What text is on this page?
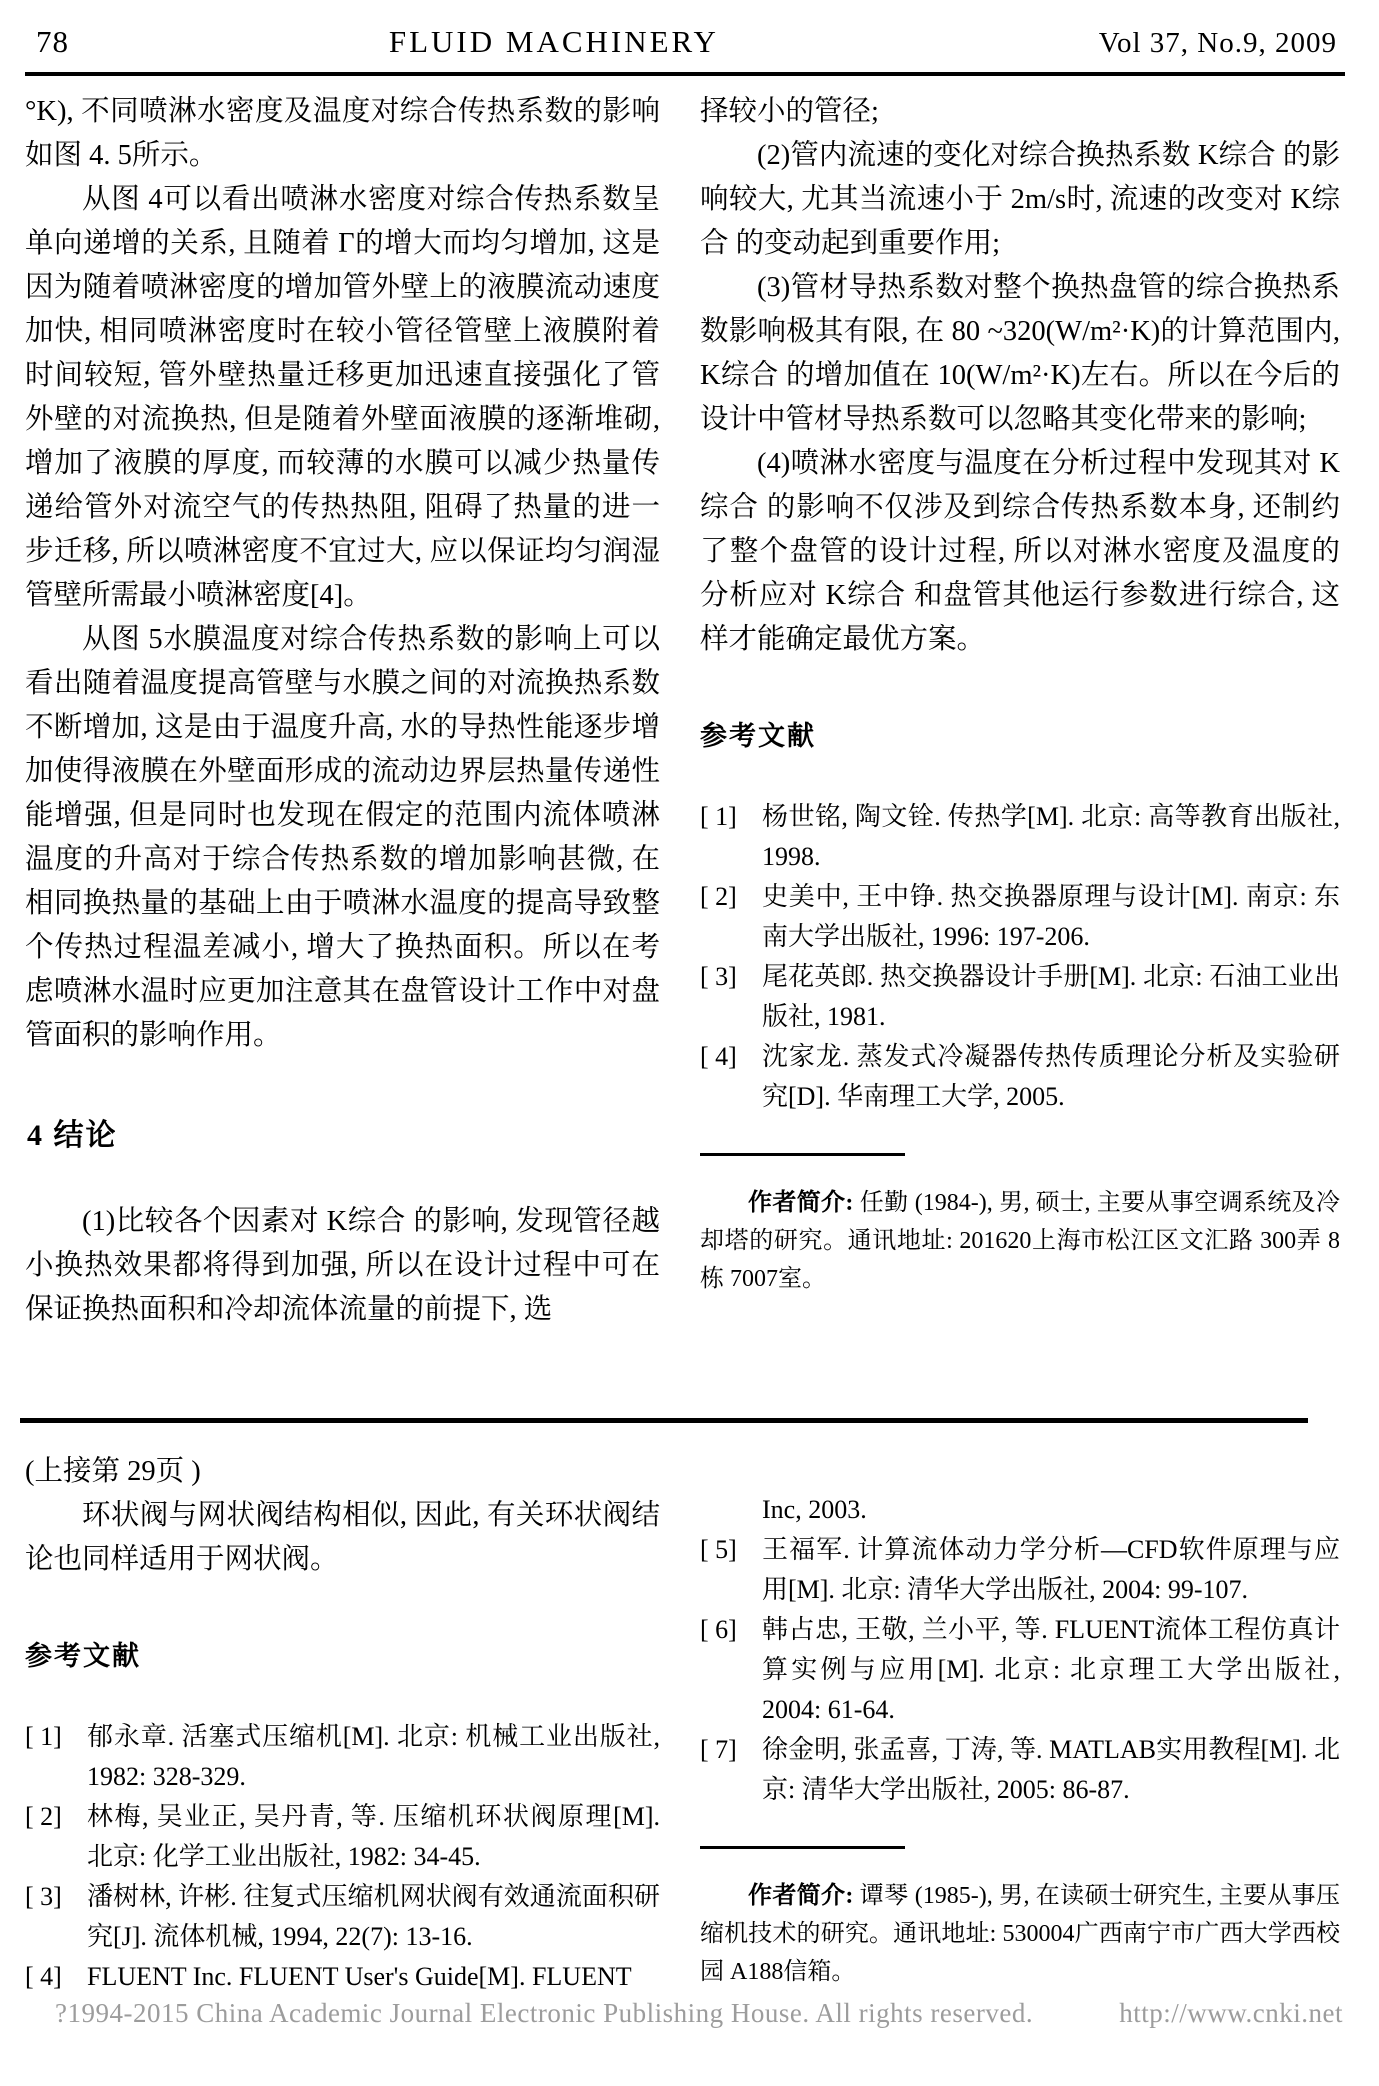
78	FLUID MACHINERY	Vol 37, No.9, 2009

°K), 不同喷淋水密度及温度对综合传热系数的影响如图 4. 5所示。

从图 4可以看出喷淋水密度对综合传热系数呈单向递增的关系, 且随着 Γ的增大而均匀增加, 这是因为随着喷淋密度的增加管外壁上的液膜流动速度加快, 相同喷淋密度时在较小管径管壁上液膜附着时间较短, 管外壁热量迁移更加迅速直接强化了管外壁的对流换热, 但是随着外壁面液膜的逐渐堆砌, 增加了液膜的厚度, 而较薄的水膜可以减少热量传递给管外对流空气的传热热阻, 阻碍了热量的进一步迁移, 所以喷淋密度不宜过大, 应以保证均匀润湿管壁所需最小喷淋密度[4]。

从图 5水膜温度对综合传热系数的影响上可以看出随着温度提高管壁与水膜之间的对流换热系数不断增加, 这是由于温度升高, 水的导热性能逐步增加使得液膜在外壁面形成的流动边界层热量传递性能增强, 但是同时也发现在假定的范围内流体喷淋温度的升高对于综合传热系数的增加影响甚微, 在相同换热量的基础上由于喷淋水温度的提高导致整个传热过程温差减小, 增大了换热面积。所以在考虑喷淋水温时应更加注意其在盘管设计工作中对盘管面积的影响作用。

4 结论

(1)比较各个因素对 K综合 的影响, 发现管径越小换热效果都将得到加强, 所以在设计过程中可在保证换热面积和冷却流体流量的前提下, 选

择较小的管径;

(2)管内流速的变化对综合换热系数 K综合 的影响较大, 尤其当流速小于 2m/s时, 流速的改变对 K综合 的变动起到重要作用;

(3)管材导热系数对整个换热盘管的综合换热系数影响极其有限, 在 80 ~320(W/m²·K)的计算范围内, K综合 的增加值在 10(W/m²·K)左右。所以在今后的设计中管材导热系数可以忽略其变化带来的影响;

(4)喷淋水密度与温度在分析过程中发现其对 K综合 的影响不仅涉及到综合传热系数本身, 还制约了整个盘管的设计过程, 所以对淋水密度及温度的分析应对 K综合 和盘管其他运行参数进行综合, 这样才能确定最优方案。

参考文献
[ 1] 杨世铭, 陶文铨. 传热学[M]. 北京: 高等教育出版社, 1998.
[ 2] 史美中, 王中铮. 热交换器原理与设计[M]. 南京: 东南大学出版社, 1996: 197-206.
[ 3] 尾花英郎. 热交换器设计手册[M]. 北京: 石油工业出版社, 1981.
[ 4] 沈家龙. 蒸发式冷凝器传热传质理论分析及实验研究[D]. 华南理工大学, 2005.

作者简介: 任勤 (1984-), 男, 硕士, 主要从事空调系统及冷却塔的研究。通讯地址: 201620上海市松江区文汇路 300弄 8栋 7007室。

(上接第 29页 )

环状阀与网状阀结构相似, 因此, 有关环状阀结论也同样适用于网状阀。

参考文献
[ 1] 郁永章. 活塞式压缩机[M]. 北京: 机械工业出版社, 1982: 328-329.
[ 2] 林梅, 吴业正, 吴丹青, 等. 压缩机环状阀原理[M]. 北京: 化学工业出版社, 1982: 34-45.
[ 3] 潘树林, 许彬. 往复式压缩机网状阀有效通流面积研究[J]. 流体机械, 1994, 22(7): 13-16.
[ 4] FLUENT Inc. FLUENT User's Guide[M]. FLUENT

Inc, 2003.

[ 5] 王福军. 计算流体动力学分析—CFD软件原理与应用[M]. 北京: 清华大学出版社, 2004: 99-107.
[ 6] 韩占忠, 王敬, 兰小平, 等. FLUENT流体工程仿真计算实例与应用[M]. 北京: 北京理工大学出版社, 2004: 61-64.
[ 7] 徐金明, 张孟喜, 丁涛, 等. MATLAB实用教程[M]. 北京: 清华大学出版社, 2005: 86-87.

作者简介: 谭琴 (1985-), 男, 在读硕士研究生, 主要从事压缩机技术的研究。通讯地址: 530004广西南宁市广西大学西校园 A188信箱。

?1994-2015 China Academic Journal Electronic Publishing House. All rights reserved.	http://www.cnki.net
